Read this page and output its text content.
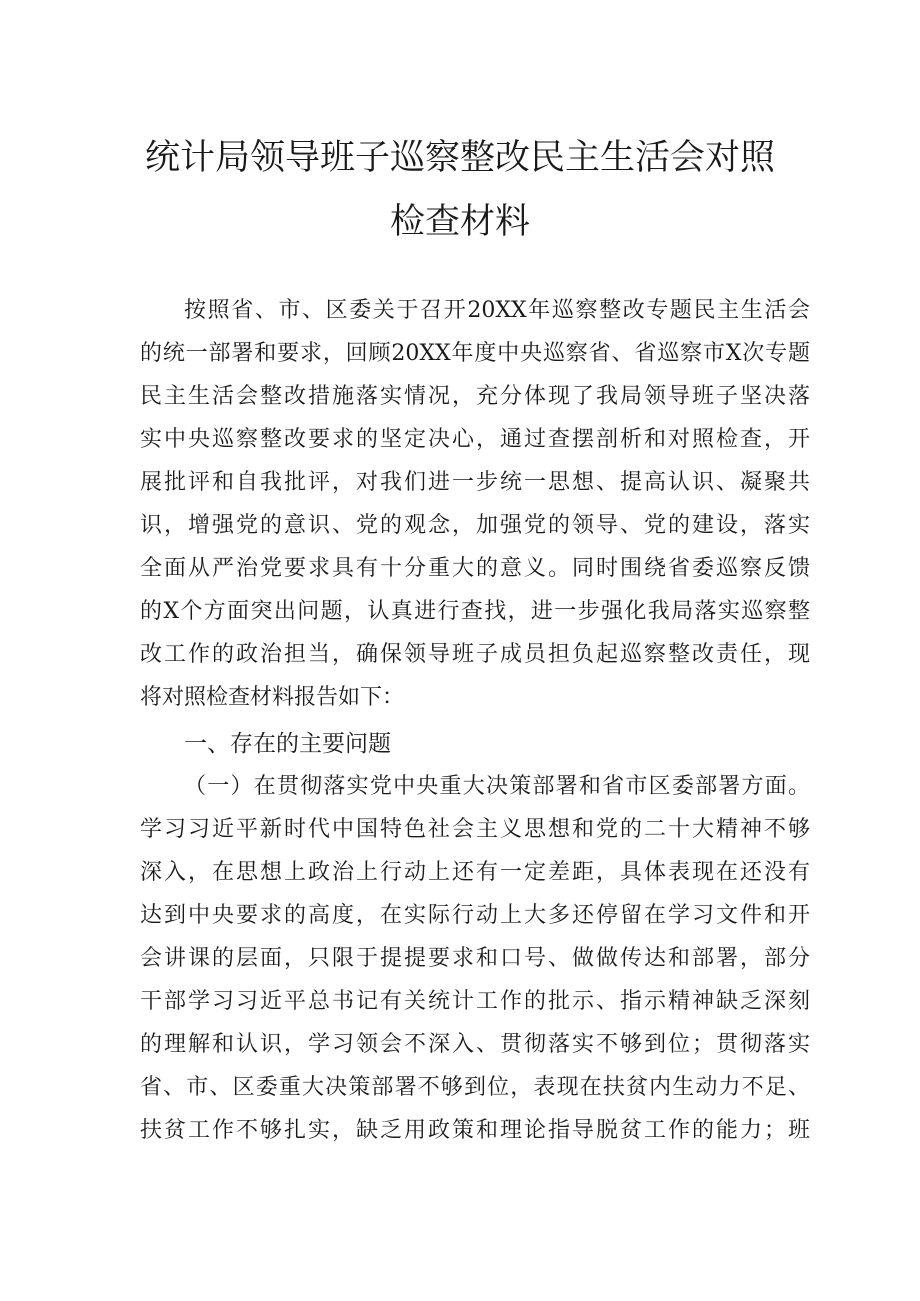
统计局领导班子巡察整改民主生活会对照
检查材料
按照省、市、区委关于召开20XX年巡察整改专题民主生活会
的统一部署和要求，回顾20XX年度中央巡察省、省巡察市X次专题
民主生活会整改措施落实情况，充分体现了我局领导班子坚决落
实中央巡察整改要求的坚定决心，通过查摆剖析和对照检查，开
展批评和自我批评，对我们进一步统一思想、提高认识、凝聚共
识，增强党的意识、党的观念，加强党的领导、党的建设，落实
全面从严治党要求具有十分重大的意义。同时围绕省委巡察反馈
的X个方面突出问题，认真进行查找，进一步强化我局落实巡察整
改工作的政治担当，确保领导班子成员担负起巡察整改责任，现
将对照检查材料报告如下：
一、存在的主要问题
（一）在贯彻落实党中央重大决策部署和省市区委部署方面。
学习习近平新时代中国特色社会主义思想和党的二十大精神不够
深入，在思想上政治上行动上还有一定差距，具体表现在还没有
达到中央要求的高度，在实际行动上大多还停留在学习文件和开
会讲课的层面，只限于提提要求和口号、做做传达和部署，部分
干部学习习近平总书记有关统计工作的批示、指示精神缺乏深刻
的理解和认识，学习领会不深入、贯彻落实不够到位；贯彻落实
省、市、区委重大决策部署不够到位，表现在扶贫内生动力不足、
扶贫工作不够扎实，缺乏用政策和理论指导脱贫工作的能力；班
